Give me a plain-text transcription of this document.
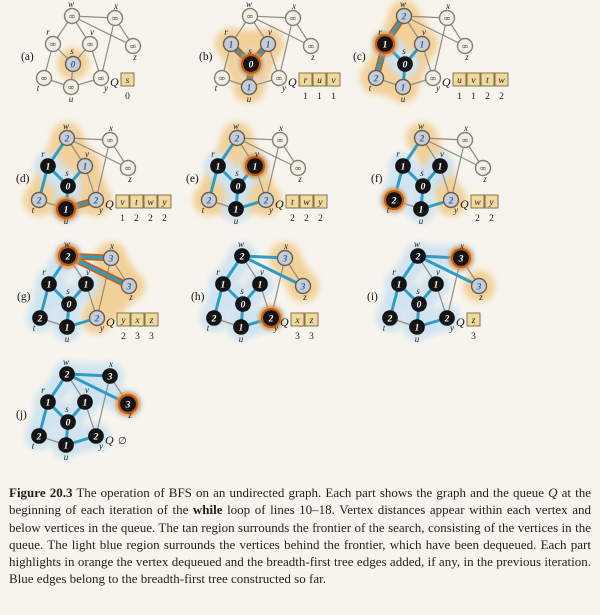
∞
r
0
s
∞
t	∞
u
∞
v
∞
w
∞
x
∞
y
∞
z
(a)
Q s
0
1
r
0
s
∞
t	1
u
1
v
∞
w
∞
x
∞
y
∞
z
(b)
Q r
1
u
1
v
1
1
r
0
s
2
t	1
u
1
v
2
w
∞
x
∞
y
∞
z
(c)
Q u
1
v
1
t
2
w
2
1
r
0
s
2
t	1
u
1
v
2
w
∞
x
2
y
∞
z
(d)
Q v
1
t
2
w
2
y
2
1
r
0
s
2
t	1
u
1
v
2
w
∞
x
2
y
∞
z
(e)
Q t
2
w
2
y
2
1
r
0
s
2
t	1
u
1
v
2
w
∞
x
2
y
∞
z
(f)
Q w
2
y
2
1
r
0
s
2
t	1
u
1
v
2
w
3
x
2
y
3
z
(g)
Q y
2
x
3
z
3
1
r
0
s
2
t	1
u
1
v
2
w
3
x
2
y
3
z
(h)
Q x
3
z
3
1
r
0
s
2
t	1
u
1
v
2
w
3
x
2
y
3
z
(i)
Q z
3
1
r
0
s
2
t	1
u
1
v
2
w
3
x
2
y
3
z
(j)
Q ∅

Figure 20.3 The operation of BFS on an undirected graph. Each part shows the graph and the queue Q at the beginning of each iteration of the while loop of lines 10–18. Vertex distances appear within each vertex and below vertices in the queue. The tan region surrounds the frontier of the search, consisting of the vertices in the queue. The light blue region surrounds the vertices behind the frontier, which have been dequeued. Each part highlights in orange the vertex dequeued and the breadth-first tree edges added, if any, in the previous iteration. Blue edges belong to the breadth-first tree constructed so far.
